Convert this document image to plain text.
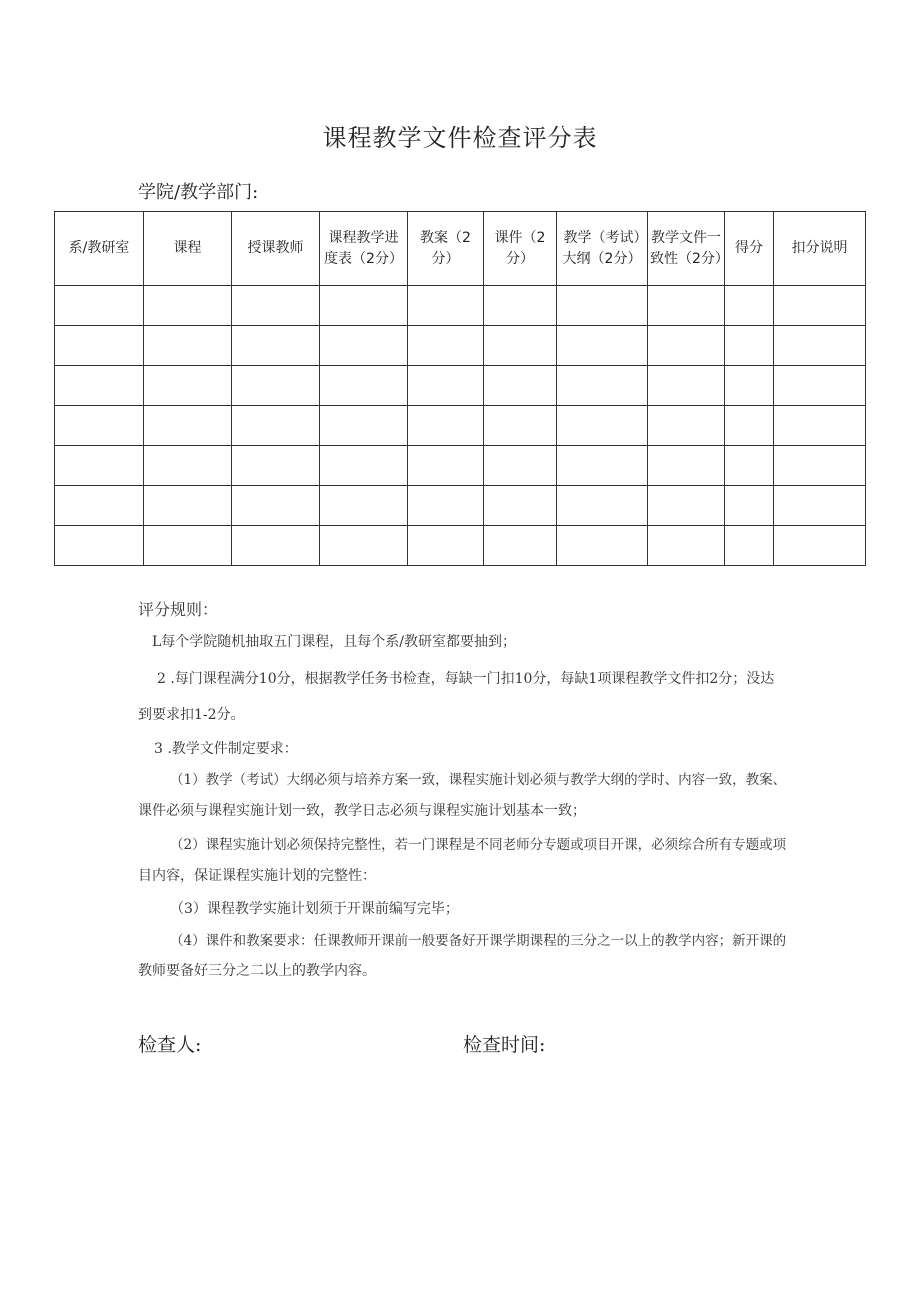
课程教学文件检查评分表
学院/教学部门:
系/教研室	课程	授课教师	课程教学进度表（2分）	教案（2分）	课件（2分）	教学（考试）大纲（2分）	教学文件一致性（2分）	得分	扣分说明

评分规则：
L每个学院随机抽取五门课程，且每个系/教研室都要抽到；
2 .每门课程满分10分，根据教学任务书检查，每缺一门扣10分，每缺1项课程教学文件扣2分；没达
到要求扣1-2分。
3 .教学文件制定要求：
（1）教学（考试）大纲必须与培养方案一致，课程实施计划必须与教学大纲的学时、内容一致，教案、
课件必须与课程实施计划一致，教学日志必须与课程实施计划基本一致；
（2）课程实施计划必须保持完整性，若一门课程是不同老师分专题或项目开课，必须综合所有专题或项
目内容，保证课程实施计划的完整性：
（3）课程教学实施计划须于开课前编写完毕；
（4）课件和教案要求：任课教师开课前一般要备好开课学期课程的三分之一以上的教学内容；新开课的
教师要备好三分之二以上的教学内容。
检查人:	检查时间:
